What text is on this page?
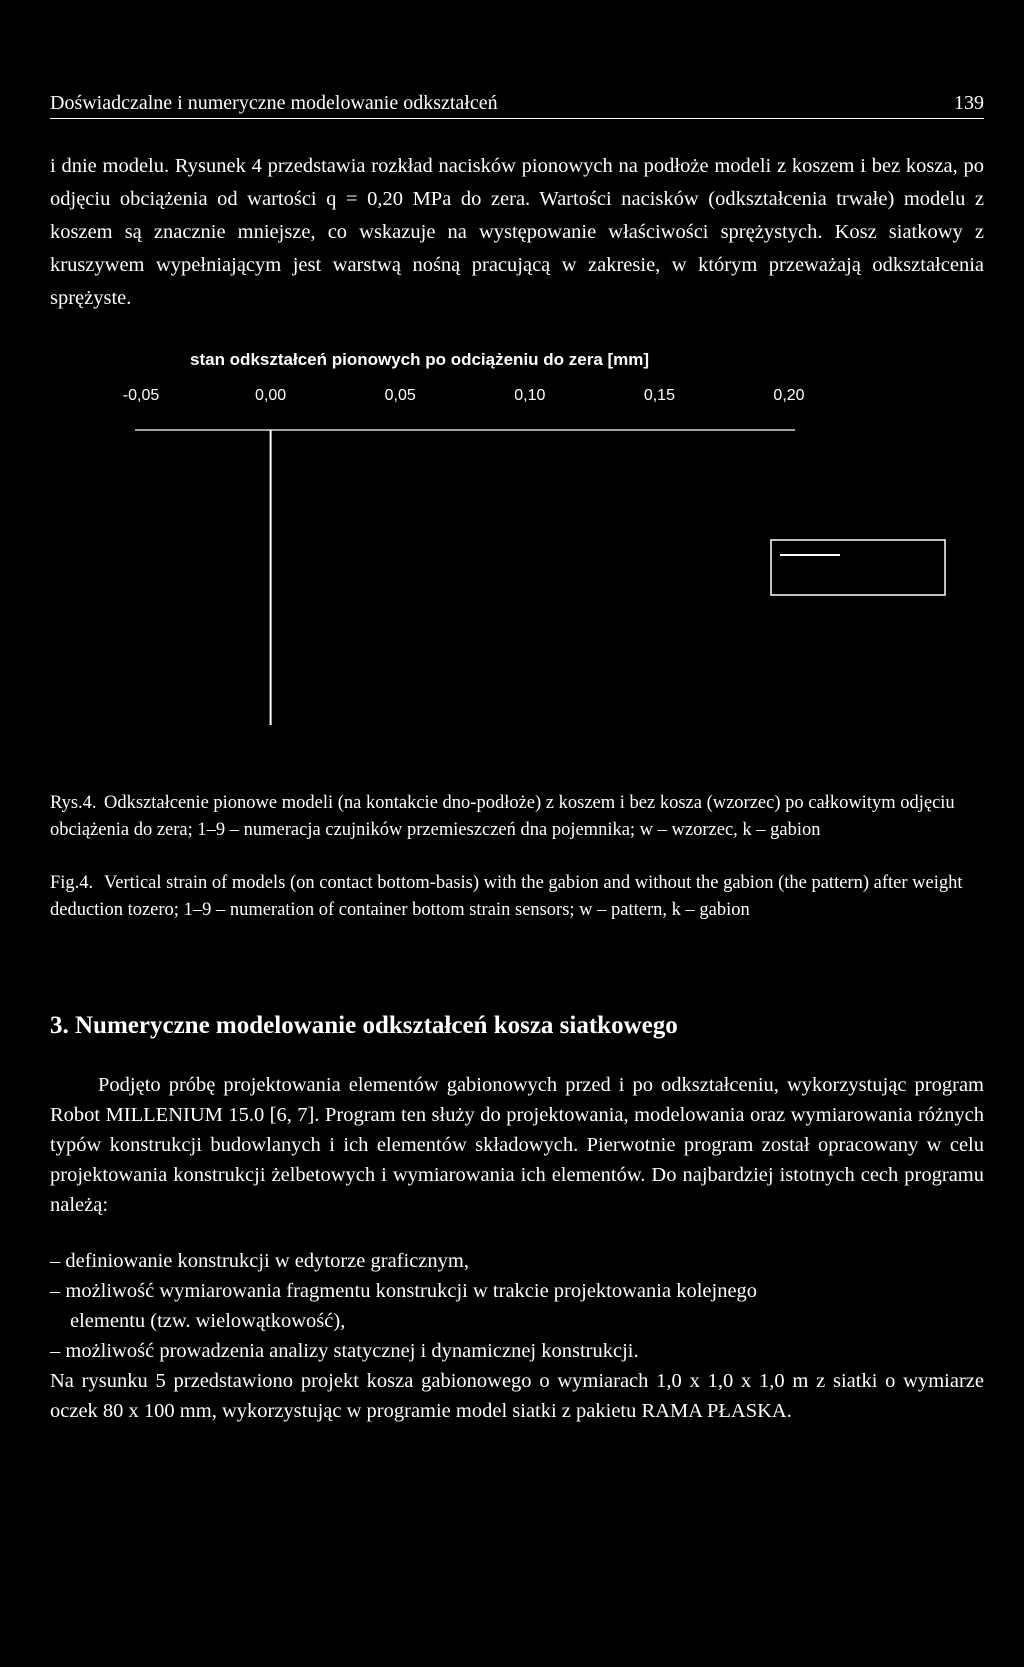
Doświadczalne i numeryczne modelowanie odkształceń	139
i dnie modelu. Rysunek 4 przedstawia rozkład nacisków pionowych na podłoże modeli z koszem i bez kosza, po odjęciu obciążenia od wartości q = 0,20 MPa do zera. Wartości nacisków (odkształcenia trwałe) modelu z koszem są znacznie mniejsze, co wskazuje na występowanie właściwości sprężystych. Kosz siatkowy z kruszywem wypełniającym jest warstwą nośną pracującą w zakresie, w którym przeważają odkształcenia sprężyste.
stan odkształceń pionowych po odciążeniu do zera [mm]
-0,05	0,00	0,05	0,10	0,15	0,20
Rys.4. Odkształcenie pionowe modeli (na kontakcie dno-podłoże) z koszem i bez kosza (wzorzec) po całkowitym odjęciu obciążenia do zera; 1–9 – numeracja czujników przemieszczeń dna pojemnika; w – wzorzec, k – gabion
Fig.4. Vertical strain of models (on contact bottom-basis) with the gabion and without the gabion (the pattern) after weight deduction tozero; 1–9 – numeration of container bottom strain sensors; w – pattern, k – gabion
3. Numeryczne modelowanie odkształceń kosza siatkowego
Podjęto próbę projektowania elementów gabionowych przed i po odkształceniu, wykorzystując program Robot MILLENIUM 15.0 [6, 7]. Program ten służy do projektowania, modelowania oraz wymiarowania różnych typów konstrukcji budowlanych i ich elementów składowych. Pierwotnie program został opracowany w celu projektowania konstrukcji żelbetowych i wymiarowania ich elementów. Do najbardziej istotnych cech programu należą:
– definiowanie konstrukcji w edytorze graficznym,
– możliwość wymiarowania fragmentu konstrukcji w trakcie projektowania kolejnego
elementu (tzw. wielowątkowość),
– możliwość prowadzenia analizy statycznej i dynamicznej konstrukcji.
Na rysunku 5 przedstawiono projekt kosza gabionowego o wymiarach 1,0 x 1,0 x 1,0 m z siatki o wymiarze oczek 80 x 100 mm, wykorzystując w programie model siatki z pakietu RAMA PŁASKA.
